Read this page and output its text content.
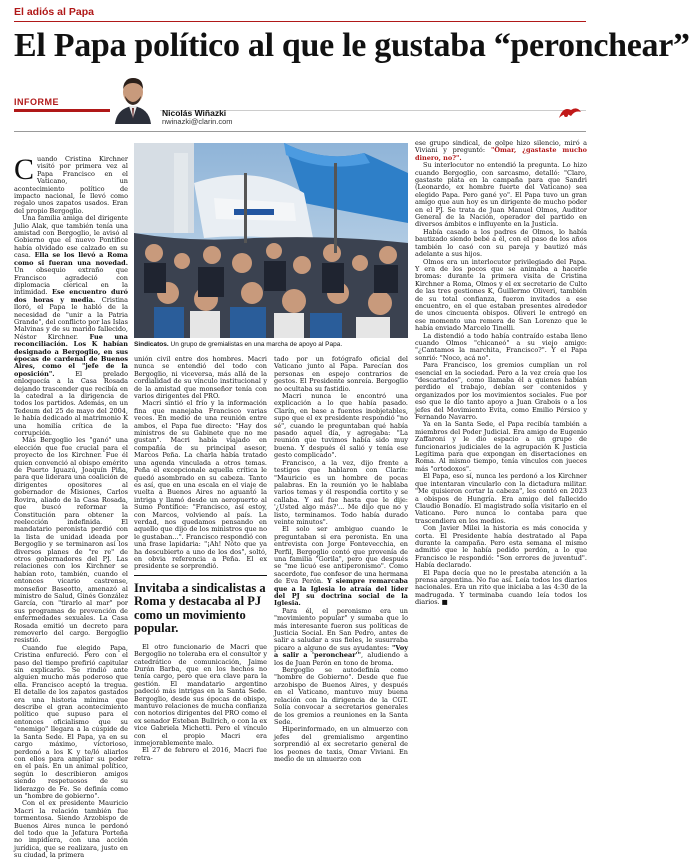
El adiós al Papa
El Papa político al que le gustaba “peronchear”
INFORME
Nicolás Wiñazki
nwinazki@clarin.com

Cuando Cristina Kirchner visitó por primera vez al Papa Francisco en el Vaticano, un acontecimiento político de impacto nacional, le llevó como regalo unos zapatos usados. Eran del propio Bergoglio.

Una familia amiga del dirigente Julio Alak, que también tenía una amistad con Bergoglio, le avisó al Gobierno que el nuevo Pontífice había olvidado ese calzado en su casa. Ella se los llevó a Roma como si fueran una novedad. Un obsequio extraño que Francisco agradeció con diplomacia clerical en la intimidad. Ese encuentro duró dos horas y media. Cristina lloró, el Papa le habló de la necesidad de "unir a la Patria Grande", del conflicto por las Islas Malvinas y de su marido fallecido, Néstor Kirchner. Fue una reconciliación. Los K habían designado a Bergoglio, en sus épocas de cardenal de Buenos Aires, como el "jefe de la oposición". El prelado enloquecía a la Casa Rosada dejando trascender que recibía en la catedral a la dirigencia de todos los partidos. Además, en un Tedeum del 25 de mayo del 2004, le había dedicado al matrimonio K una homilía crítica de la corrupción.

Más Bergoglio les "ganó" una elección que fue crucial para el proyecto de los Kirchner. Fue él quien convenció al obispo emérito de Puerto Iguazú, Joaquín Piña, para que liderara una coalición de dirigentes opositores al gobernador de Misiones, Carlos Rovira, aliado de la Casa Rosada, que buscó reformar la Constitución para obtener la reelección indefinida. El mandatario peronista perdió con la lista de unidad ideada por Bergoglio y se terminaron así los diversos planes de "re re" de otros gobernadores del PJ. Las relaciones con los Kirchner se habían roto, también, cuando el entonces vicario castrense, monseñor Baseotto, amenazó al ministro de Salud, Ginés González García, con "tirarlo al mar" por sus programas de prevención de enfermedades sexuales. La Casa Rosada emitió un decreto para removerlo del cargo. Bergoglio resistió.

Cuando fue elegido Papa, Cristina enfureció. Pero con el paso del tiempo prefirió capitular sin explicarlo. Se rindió ante alguien mucho más poderoso que ella. Francisco aceptó la tregua. El detalle de los zapatos gastados era una historia mínima que describe el gran acontecimiento político que supuso para el entonces oficialismo que su "enemigo" llegara a la cúspide de la Santa Sede. El Papa, ya en su cargo máximo, victorioso, perdonó a los K y te/ló aliarlos con ellos para ampliar su poder en el país. En un animal político, según lo describieron amigos siendo respetuosos de su liderazgo de Fe. Se definía como un "hombre de gobierno".

Con el ex presidente Mauricio Macri la relación también fue tormentosa. Siendo Arzobispo de Buenos Aires nunca le perdonó del todo que la Jefatura Porteña no impidiera, con una acción jurídica, que se realizara, justo en su ciudad, la primera

Sindicatos. Un grupo de gremialistas en una marcha de apoyo al Papa.

unión civil entre dos hombres. Macri nunca se entendió del todo con Bergoglio, ni viceversa, más allá de la cordialidad de su vínculo institucional y de la amistad que monseñor tenía con varios dirigentes del PRO.

Macri sintió el frío y la información fina que manejaba Francisco varias veces. En medio de una reunión entre ambos, el Papa fue directo: "Hay dos ministros de su Gabinete que no me gustan". Macri había viajado en compañía de su principal asesor, Marcos Peña. La charla había tratado una agenda vinculada a otros temas. Peña el excepcionale aquella crítica le quedó asombrado en su cabeza. Tanto es así, que en una escala en el viaje de vuelta a Buenos Aires no aguantó la intriga y llamó desde un aeropuerto al Sumo Pontífice: "Francisco, así estoy, con Marcos, volviendo al país. La verdad, nos quedamos pensando en aquello que dijo de los ministros que no le gustaban...". Francisco respondió con una frase lapidaria: "¡Ah! Nóto que ya ha descubierto a uno de los dos", soltó, en obvia referencia a Peña. El ex presidente se sorprendió.

Invitaba a sindicalistas a Roma y destacaba al PJ como un movimiento popular.

El otro funcionario de Macri que Bergoglio no toleraba era el consultor y catedrático de comunicación, Jaime Durán Barba, que en los hechos no tenía cargo, pero que era clave para la gestión. El mandatario argentino padeció más intrigas en la Santa Sede. Bergoglio, desde sus épocas de obispo, mantuvo relaciones de mucha confianza con notorios dirigentes del PRO como el ex senador Esteban Bullrich, o con la ex vice Gabriela Michetti. Pero el vínculo con el propio Macri era inmejorablemente malo.

El 27 de febrero el 2016, Macri fue retra-

tado por un fotógrafo oficial del Vaticano junto al Papa. Parecían dos personas en espejo contrarios de gestos. El Presidente sonreía. Bergoglio no ocultaba su fastidio.

Macri nunca le encontró una explicación a lo que había pasado. Clarín, en base a fuentes inobjetables, supo que el ex presidente respondió "no sé", cuando le preguntaban qué había pasado aquel día, y agregaba: "La reunión que tuvimos había sido muy buena. Y después él salió y tenía ese gesto complicado".

Francisco, a la vez, dijo frente a testigos que hablaron con Clarín: "Mauricio es un hombre de pocas palabras. En la reunión yo le hablaba varios temas y él respondía cortito y se callaba. Y así fue hasta que le dije: '¿Usted algo más?'... Me dijo que no y listo, terminamos. Todo había durado veinte minutos".

El solo ser ambiguo cuando le preguntaban si era peronista. En una entrevista con Jorge Fontevecchia, en Perfil, Bergoglio contó que provenía de una familia "Gorila", pero que después se "me licuó ese antiperonismo". Como sacerdote, fue confesor de una hermana de Eva Perón. Y siempre remarcaba que a la Iglesia lo atraía del líder del PJ su doctrina social de la Iglesia.

Para él, el peronismo era un "movimiento popular" y sumaba que lo más interesante fueron sus políticas de Justicia Social. En San Pedro, antes de salir a saludar a sus fieles, le susurraba picaro a alguno de sus ayudantes: "Voy a salir a 'peronchear'", aludiendo a los de Juan Perón en tono de broma.

Bergoglio se autodefinía como "hombre de Gobierno". Desde que fue arzobispo de Buenos Aires, y después en el Vaticano, mantuvo muy buena relación con la dirigencia de la CGT. Solía convocar a secretarios generales de los gremios a reuniones en la Santa Sede.

Hiperinformado, en un almuerzo con jefes del gremialismo argentino sorprendió al ex secretario general de los peones de taxis, Omar Viviani. En medio de un almuerzo con

ese grupo sindical, de golpe hizo silencio, miró a Viviani y preguntó: "Omar, ¿gastaste mucho dinero, no?".

Su interlocutor no entendió la pregunta. Lo hizo cuando Bergoglio, con sarcasmo, detalló: "Claro, gastaste plata en la campaña para que Sandri (Leonardo, ex hombre fuerte del Vaticano) sea elegido Papa. Pero gané yo". El Papa tuvo un gran amigo que aun hoy es un dirigente de mucho poder en el PJ. Se trata de Juan Manuel Olmos, Auditor General de la Nación, operador del partido en diversos ámbitos e influyente en la Justicia.

Había casado a los padres de Olmos, lo había bautizado siendo bebé a él, con el paso de los años también lo casó con su pareja y bautizó más adelante a sus hijos.

Olmos era un interlocutor privilegiado del Papa. Y era de los pocos que se animaba a hacerle bromas: durante la primera visita de Cristina Kirchner a Roma, Olmos y el ex secretario de Culto de las tres gestiones K, Guillermo Oliveri, también de su total confianza, fueron invitados a ese encuentro, en el que estaban presentes alrededor de unos cincuenta obispos. Oliveri le entregó en ese momento una remera de San Lorenzo que le había enviado Marcelo Tinelli.

La distendió a todo había contraído estaba lleno cuando Olmos "chicaneó" a su viejo amigo: "¿Cantamos la marchita, Francisco?". Y el Papa sonrió: "Noco, acá no".

Para Francisco, los gremios cumplían un rol esencial en la sociedad. Pero a la vez creía que los "descartados", como llamaba él a quienes habían perdido el trabajo, debían ser contenidos y organizados por los movimientos sociales. Fue por eso que le dio tanto apoyo a Juan Grabois o a los jefes del Movimiento Evita, como Emilio Pérsico y Fernando Navarro.

Ya en la Santa Sede, el Papa recibía también a miembros del Poder Judicial. Era amigo de Eugenio Zaffaroni y le dio espacio a un grupo de funcionarios judiciales de la agrupación K Justicia Legítima para que expongan en disertaciones en Roma. Al mismo tiempo, tenía vínculos con jueces más "ortodoxos".

El Papa, eso sí, nunca les perdonó a los Kirchner que intentaran vincularlo con la dictadura militar. "Me quisieron cortar la cabeza", les contó en 2023 a obispos de Hungría. Era amigo del fallecido Claudio Bonadío. El magistrado solía visitarlo en el Vaticano. Pero nunca lo contaba para que trascendiera en los medios.

Con Javier Milei la historia es más conocida y corta. El Presidente había destratado al Papa durante la campaña. Pero esta semana el mismo admitió que le había pedido perdón, a lo que Francisco le respondió: "Son errores de juventud". Había declarado.

El Papa decía que no le prestaba atención a la prensa argentina. No fue así. Leía todos los diarios nacionales. Era un rito que iniciaba a las 4:30 de la madrugada. Y terminaba cuando leía todos los diarios. ■
